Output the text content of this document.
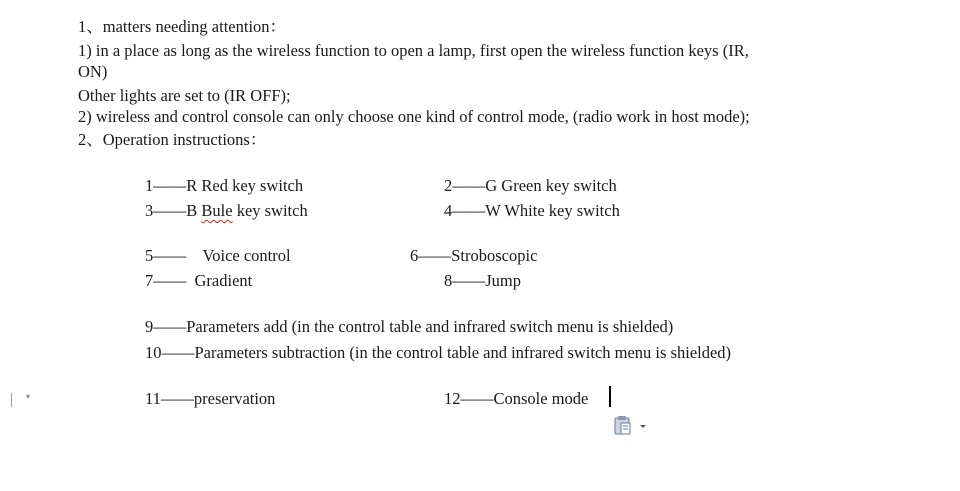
1、matters needing attention：
1) in a place as long as the wireless function to open a lamp, first open the wireless function keys (IR,
ON)
Other lights are set to (IR OFF);
2) wireless and control console can only choose one kind of control mode, (radio work in host mode);
2、Operation instructions：
1——R Red key switch	2——G Green key switch
3——B Bule key switch	4——W White key switch
5——    Voice control	6——Stroboscopic
7——  Gradient	8——Jump
9——Parameters add (in the control table and infrared switch menu is shielded)
10——Parameters subtraction (in the control table and infrared switch menu is shielded)
11——preservation	12——Console mode
▾
